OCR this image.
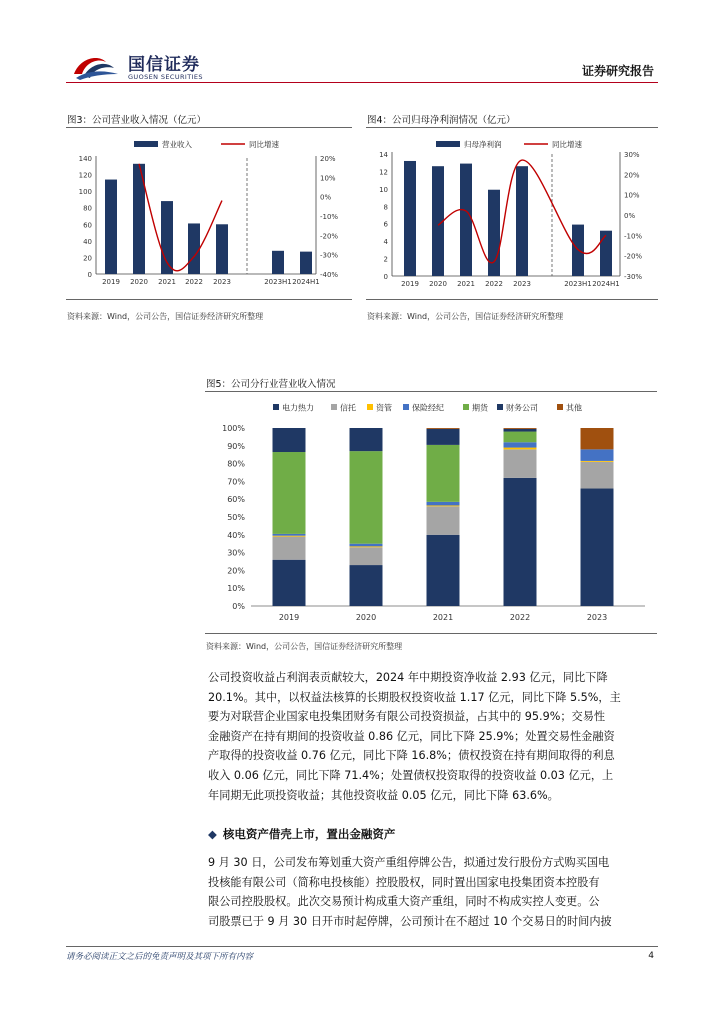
国信证券
GUOSEN SECURITIES	证券研究报告
图3：公司营业收入情况（亿元）
0
20
40
60
80
100
120
140
-40%
-30%
-20%
-10%
0%
10%
20%
2019 2020 2021 2022 2023	2023H1 2024H1
营业收入	同比增速
资料来源：Wind，公司公告，国信证券经济研究所整理
图4：公司归母净利润情况（亿元）
0
2
4
6
8
10
12
14
-30%
-20%
-10%
0%
10%
20%
30%
2019 2020 2021 2022 2023	2023H1 2024H1
归母净利润	同比增速
资料来源：Wind，公司公告，国信证券经济研究所整理
图5：公司分行业营业收入情况
0%
10%
20%
30%
40%
50%
60%
70%
80%
90%
100%
2019	2020	2021	2022	2023
电力热力	信托	资管	保险经纪	期货 财务公司	其他
资料来源：Wind，公司公告，国信证券经济研究所整理
公司投资收益占利润表贡献较大，2024 年中期投资净收益 2.93 亿元，同比下降
20.1%。其中，以权益法核算的长期股权投资收益 1.17 亿元，同比下降 5.5%，主
要为对联营企业国家电投集团财务有限公司投资损益，占其中的 95.9%；交易性
金融资产在持有期间的投资收益 0.86 亿元，同比下降 25.9%；处置交易性金融资
产取得的投资收益 0.76 亿元，同比下降 16.8%；债权投资在持有期间取得的利息
收入 0.06 亿元，同比下降 71.4%；处置债权投资取得的投资收益 0.03 亿元，上
年同期无此项投资收益；其他投资收益 0.05 亿元，同比下降 63.6%。
◆ 核电资产借壳上市，置出金融资产
9 月 30 日，公司发布筹划重大资产重组停牌公告，拟通过发行股份方式购买国电
投核能有限公司（简称电投核能）控股股权，同时置出国家电投集团资本控股有
限公司控股股权。此次交易预计构成重大资产重组，同时不构成实控人变更。公
司股票已于 9 月 30 日开市时起停牌，公司预计在不超过 10 个交易日的时间内披
请务必阅读正文之后的免责声明及其项下所有内容	4
